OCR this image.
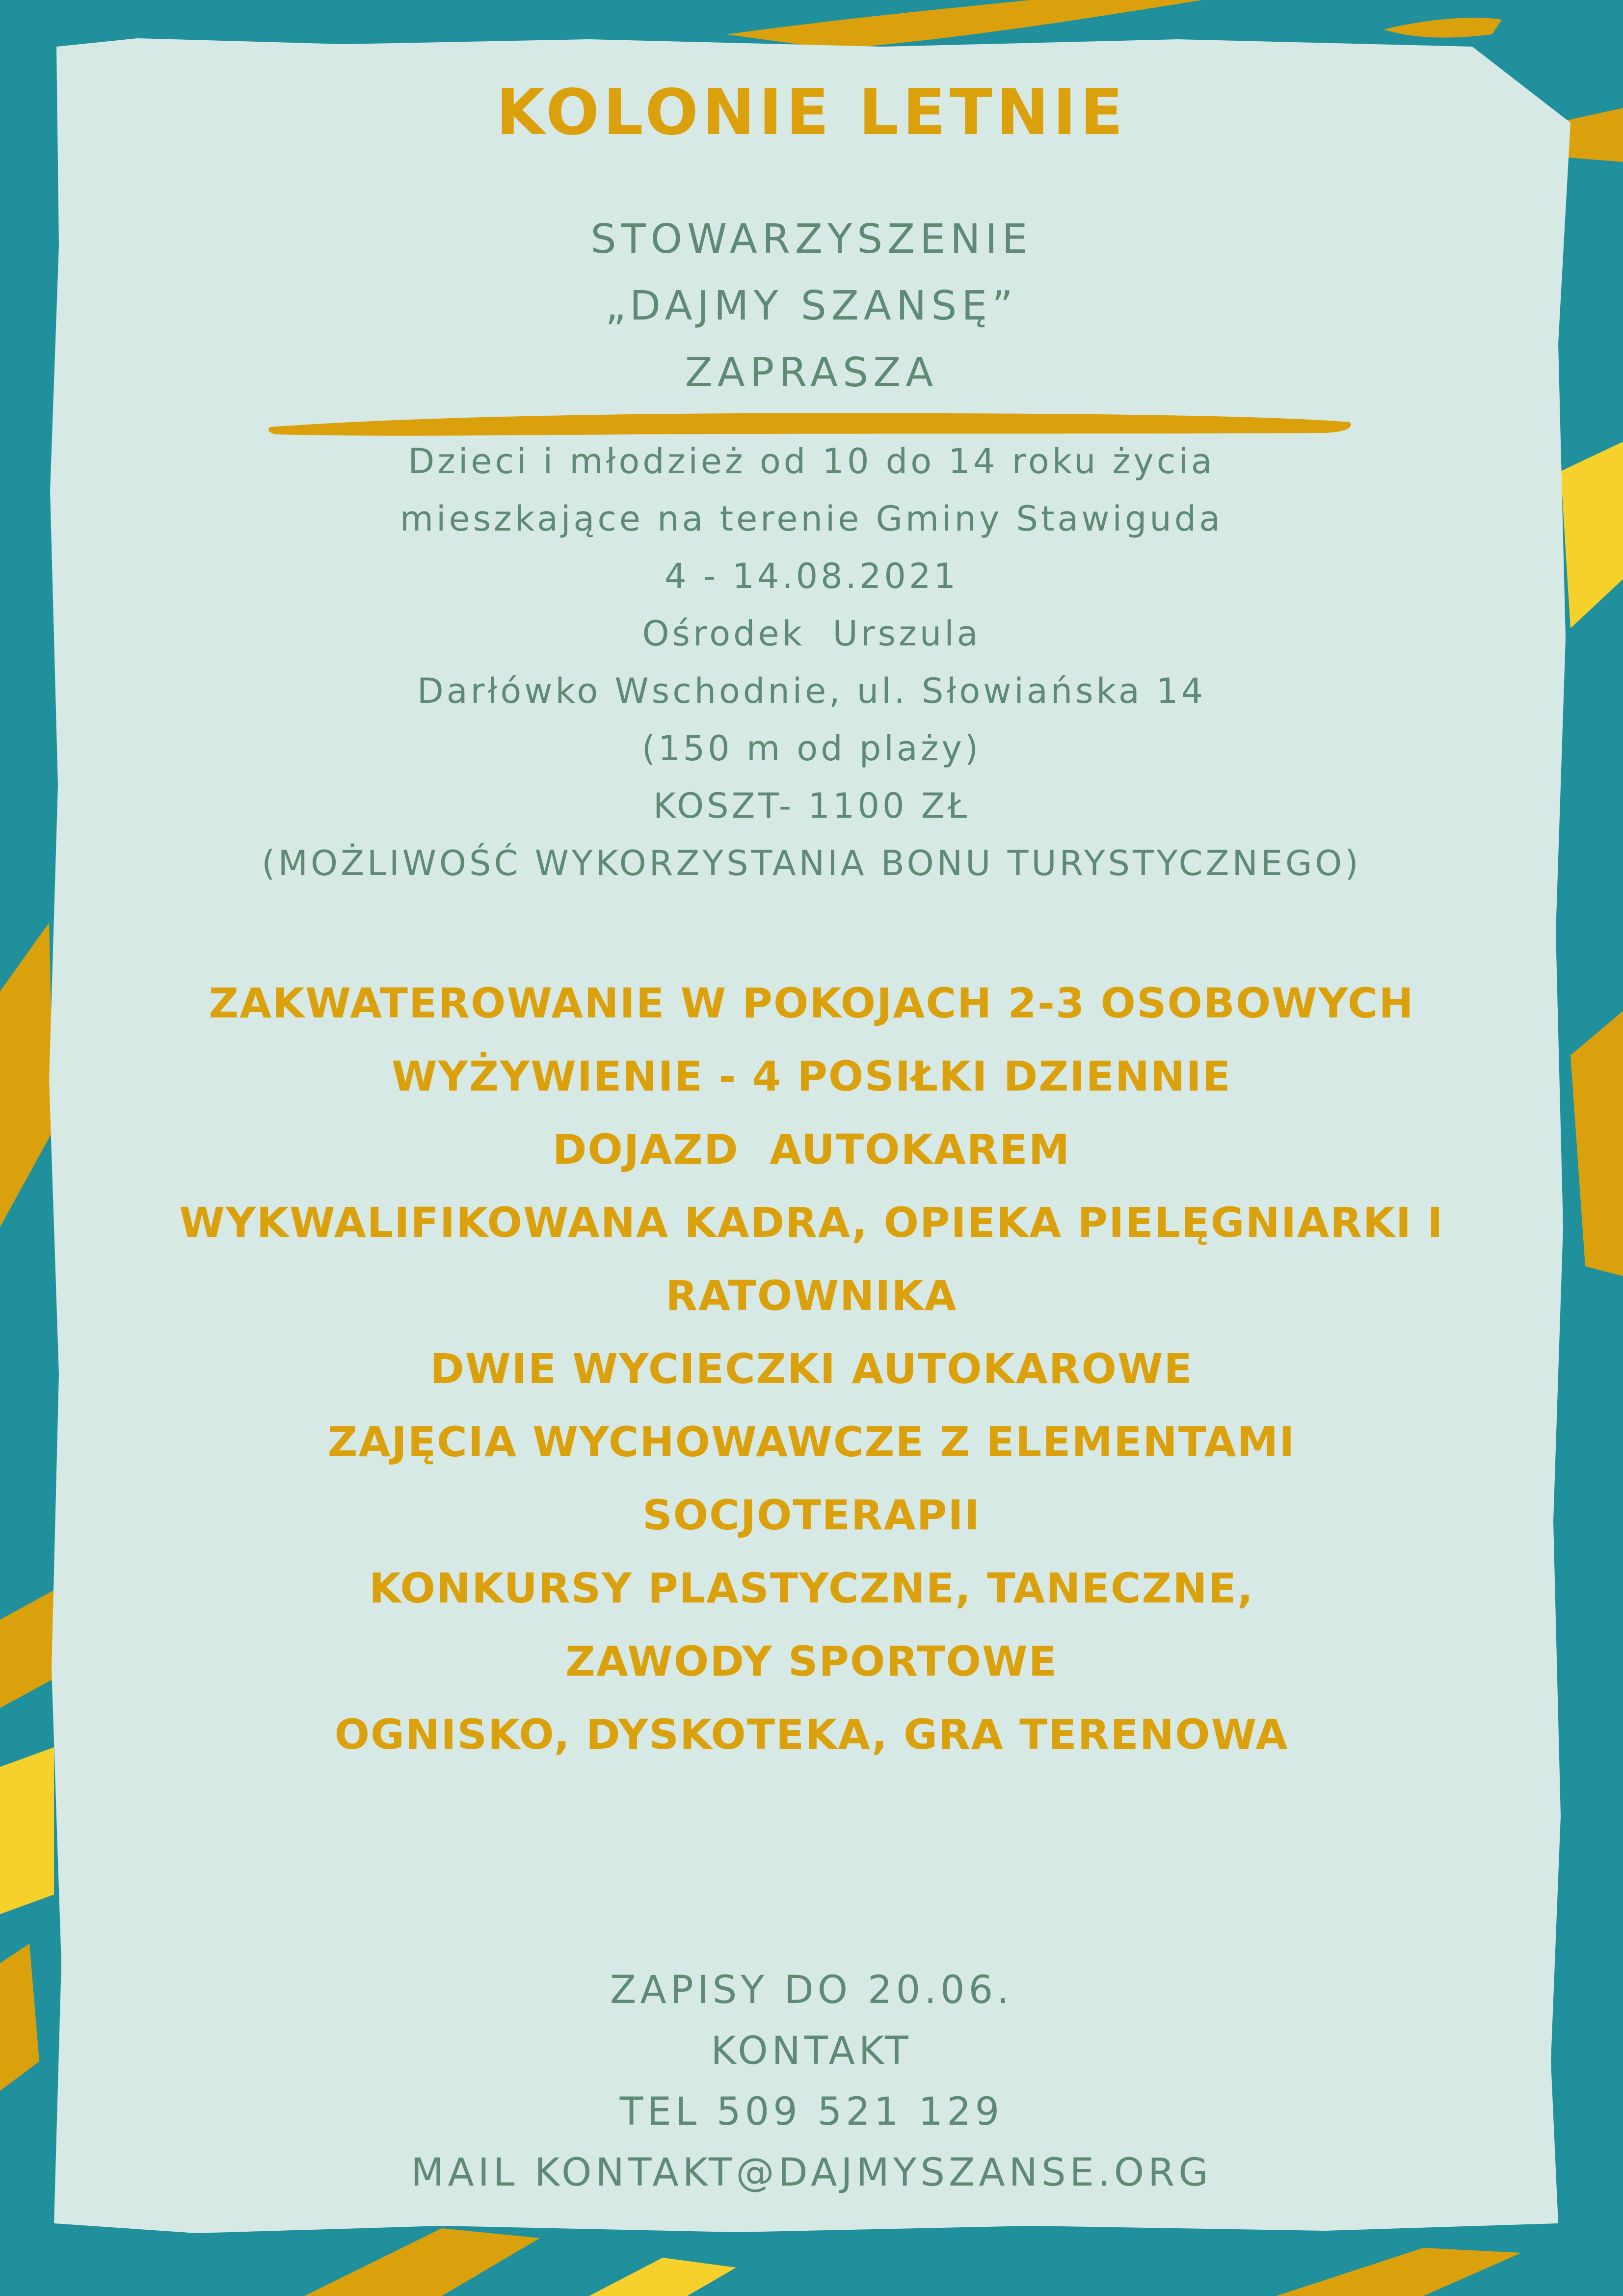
KOLONIE LETNIE
STOWARZYSZENIE
„DAJMY SZANSĘ”
ZAPRASZA
Dzieci i młodzież od 10 do 14 roku życia
mieszkające na terenie Gminy Stawiguda
4 - 14.08.2021
Ośrodek  Urszula
Darłówko Wschodnie, ul. Słowiańska 14
(150 m od plaży)
KOSZT- 1100 ZŁ
(MOŻLIWOŚĆ WYKORZYSTANIA BONU TURYSTYCZNEGO)
ZAKWATEROWANIE W POKOJACH 2-3 OSOBOWYCH
WYŻYWIENIE - 4 POSIŁKI DZIENNIE
DOJAZD  AUTOKAREM
WYKWALIFIKOWANA KADRA, OPIEKA PIELĘGNIARKI I
RATOWNIKA
DWIE WYCIECZKI AUTOKAROWE
ZAJĘCIA WYCHOWAWCZE Z ELEMENTAMI
SOCJOTERAPII
KONKURSY PLASTYCZNE, TANECZNE,
ZAWODY SPORTOWE
OGNISKO, DYSKOTEKA, GRA TERENOWA
ZAPISY DO 20.06.
KONTAKT
TEL 509 521 129
MAIL KONTAKT@DAJMYSZANSE.ORG
